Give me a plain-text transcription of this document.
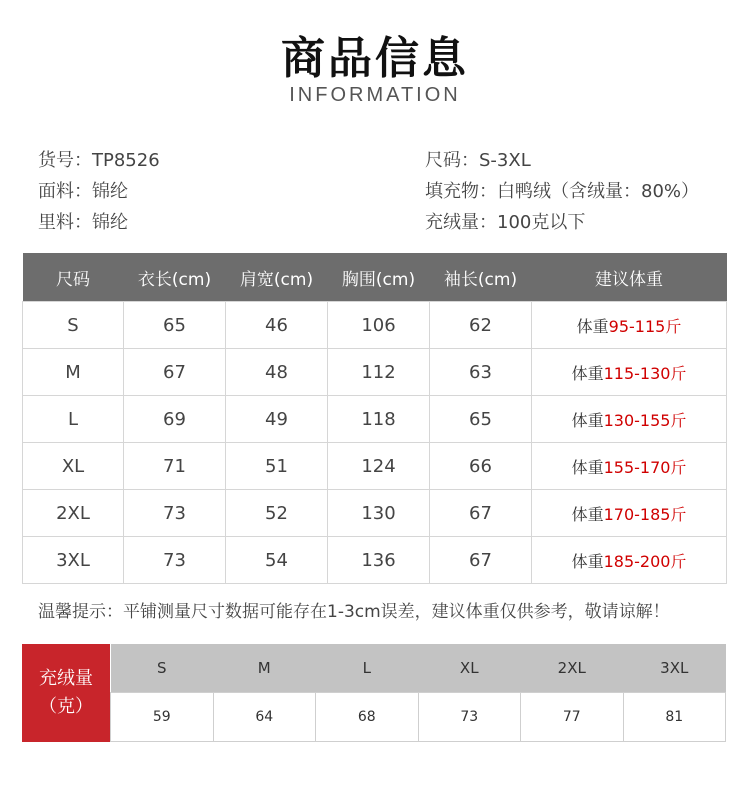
商品信息
INFORMATION
货号：TP8526
面料：锦纶
里料：锦纶
尺码：S-3XL
填充物：白鸭绒（含绒量：80%）
充绒量：100克以下
尺码	衣长(cm)	肩宽(cm)	胸围(cm)	袖长(cm)	建议体重
S	65	46	106	62	体重95-115斤
M	67	48	112	63	体重115-130斤
L	69	49	118	65	体重130-155斤
XL	71	51	124	66	体重155-170斤
2XL	73	52	130	67	体重170-185斤
3XL	73	54	136	67	体重185-200斤
温馨提示：平铺测量尺寸数据可能存在1-3cm误差，建议体重仅供参考，敬请谅解！
充绒量
（克）
S	M	L	XL	2XL	3XL
59	64	68	73	77	81
